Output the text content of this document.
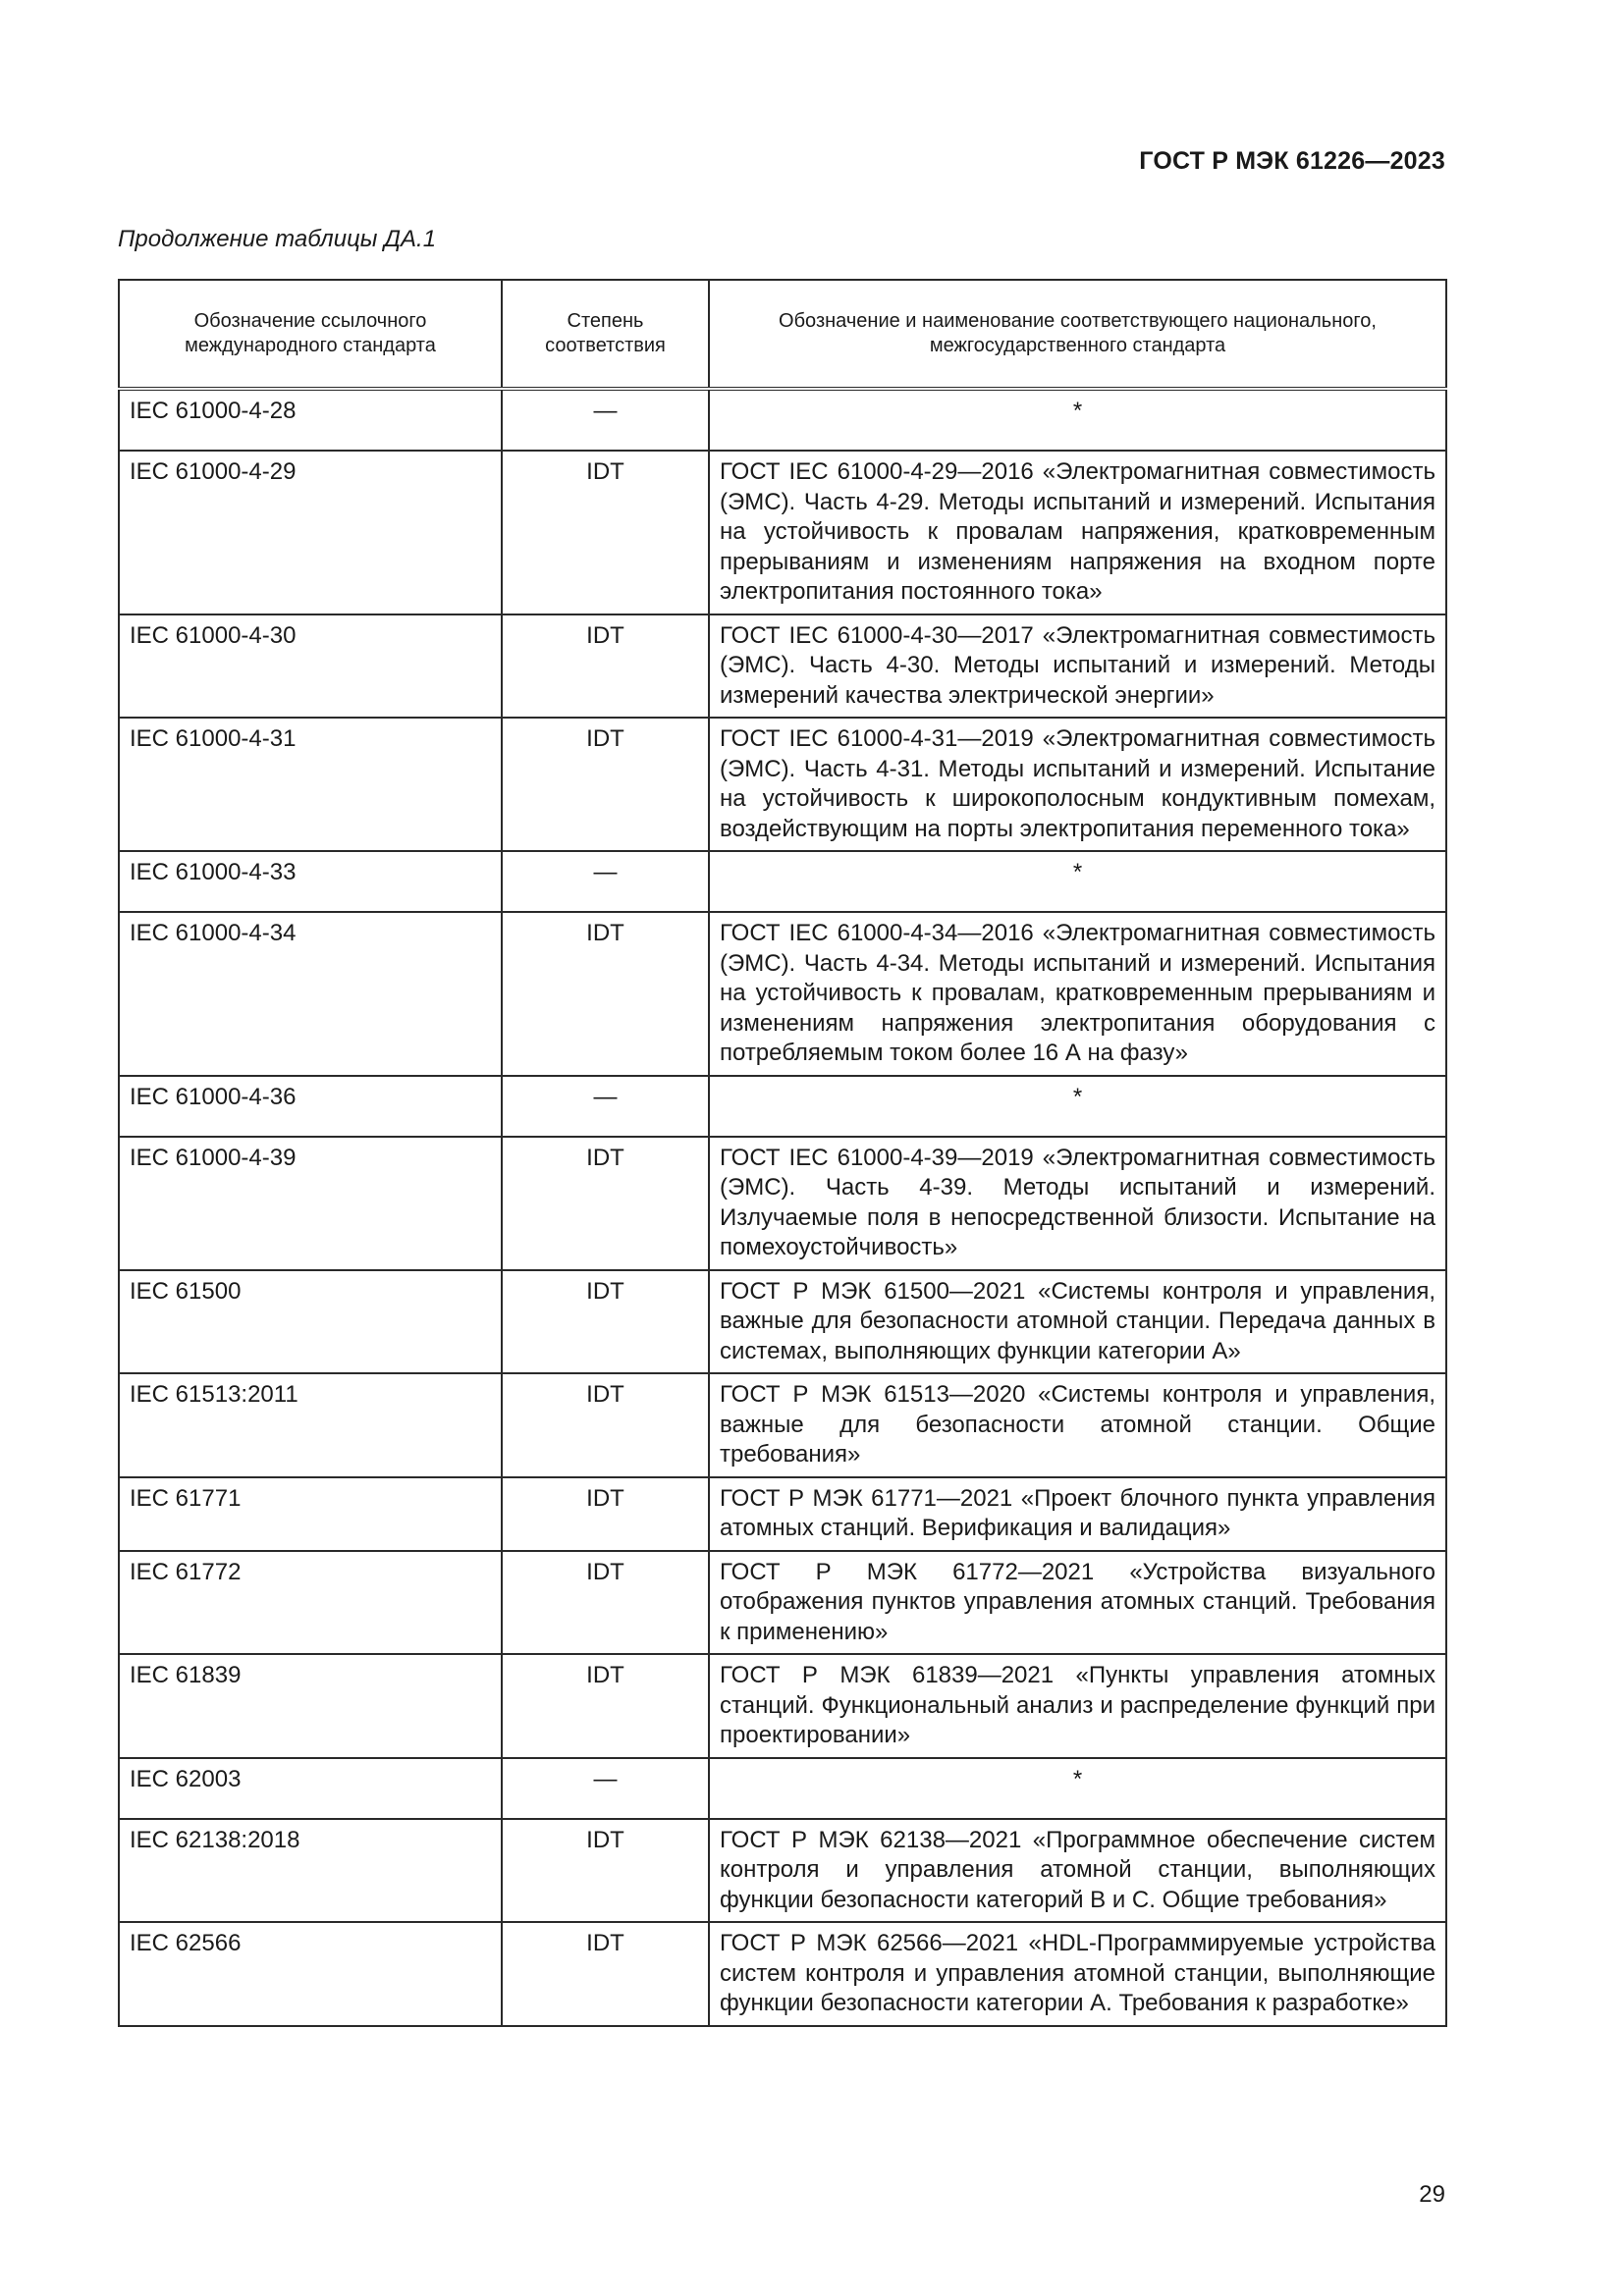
ГОСТ Р МЭК 61226—2023
Продолжение таблицы ДА.1
Обозначение ссылочного международного стандарта	Степень соответствия	Обозначение и наименование соответствующего национального, межгосударственного стандарта
IEC 61000-4-28	—	*
IEC 61000-4-29	IDT	ГОСТ IEC 61000-4-29—2016 «Электромагнитная совместимость (ЭМС). Часть 4-29. Методы испытаний и измерений. Испытания на устойчивость к провалам напряжения, кратковременным прерываниям и изменениям напряжения на входном порте электропитания постоянного тока»
IEC 61000-4-30	IDT	ГОСТ IEC 61000-4-30—2017 «Электромагнитная совместимость (ЭМС). Часть 4-30. Методы испытаний и измерений. Методы измерений качества электрической энергии»
IEC 61000-4-31	IDT	ГОСТ IEC 61000-4-31—2019 «Электромагнитная совместимость (ЭМС). Часть 4-31. Методы испытаний и измерений. Испытание на устойчивость к широкополосным кондуктивным помехам, воздействующим на порты электропитания переменного тока»
IEC 61000-4-33	—	*
IEC 61000-4-34	IDT	ГОСТ IEC 61000-4-34—2016 «Электромагнитная совместимость (ЭМС). Часть 4-34. Методы испытаний и измерений. Испытания на устойчивость к провалам, кратковременным прерываниям и изменениям напряжения электропитания оборудования с потребляемым током более 16 А на фазу»
IEC 61000-4-36	—	*
IEC 61000-4-39	IDT	ГОСТ IEC 61000-4-39—2019 «Электромагнитная совместимость (ЭМС). Часть 4-39. Методы испытаний и измерений. Излучаемые поля в непосредственной близости. Испытание на помехоустойчивость»
IEC 61500	IDT	ГОСТ Р МЭК 61500—2021 «Системы контроля и управления, важные для безопасности атомной станции. Передача данных в системах, выполняющих функции категории А»
IEC 61513:2011	IDT	ГОСТ Р МЭК 61513—2020 «Системы контроля и управления, важные для безопасности атомной станции. Общие требования»
IEC 61771	IDT	ГОСТ Р МЭК 61771—2021 «Проект блочного пункта управления атомных станций. Верификация и валидация»
IEC 61772	IDT	ГОСТ Р МЭК 61772—2021 «Устройства визуального отображения пунктов управления атомных станций. Требования к применению»
IEC 61839	IDT	ГОСТ Р МЭК 61839—2021 «Пункты управления атомных станций. Функциональный анализ и распределение функций при проектировании»
IEC 62003	—	*
IEC 62138:2018	IDT	ГОСТ Р МЭК 62138—2021 «Программное обеспечение систем контроля и управления атомной станции, выполняющих функции безопасности категорий В и С. Общие требования»
IEC 62566	IDT	ГОСТ Р МЭК 62566—2021 «HDL-Программируемые устройства систем контроля и управления атомной станции, выполняющие функции безопасности категории А. Требования к разработке»
29
